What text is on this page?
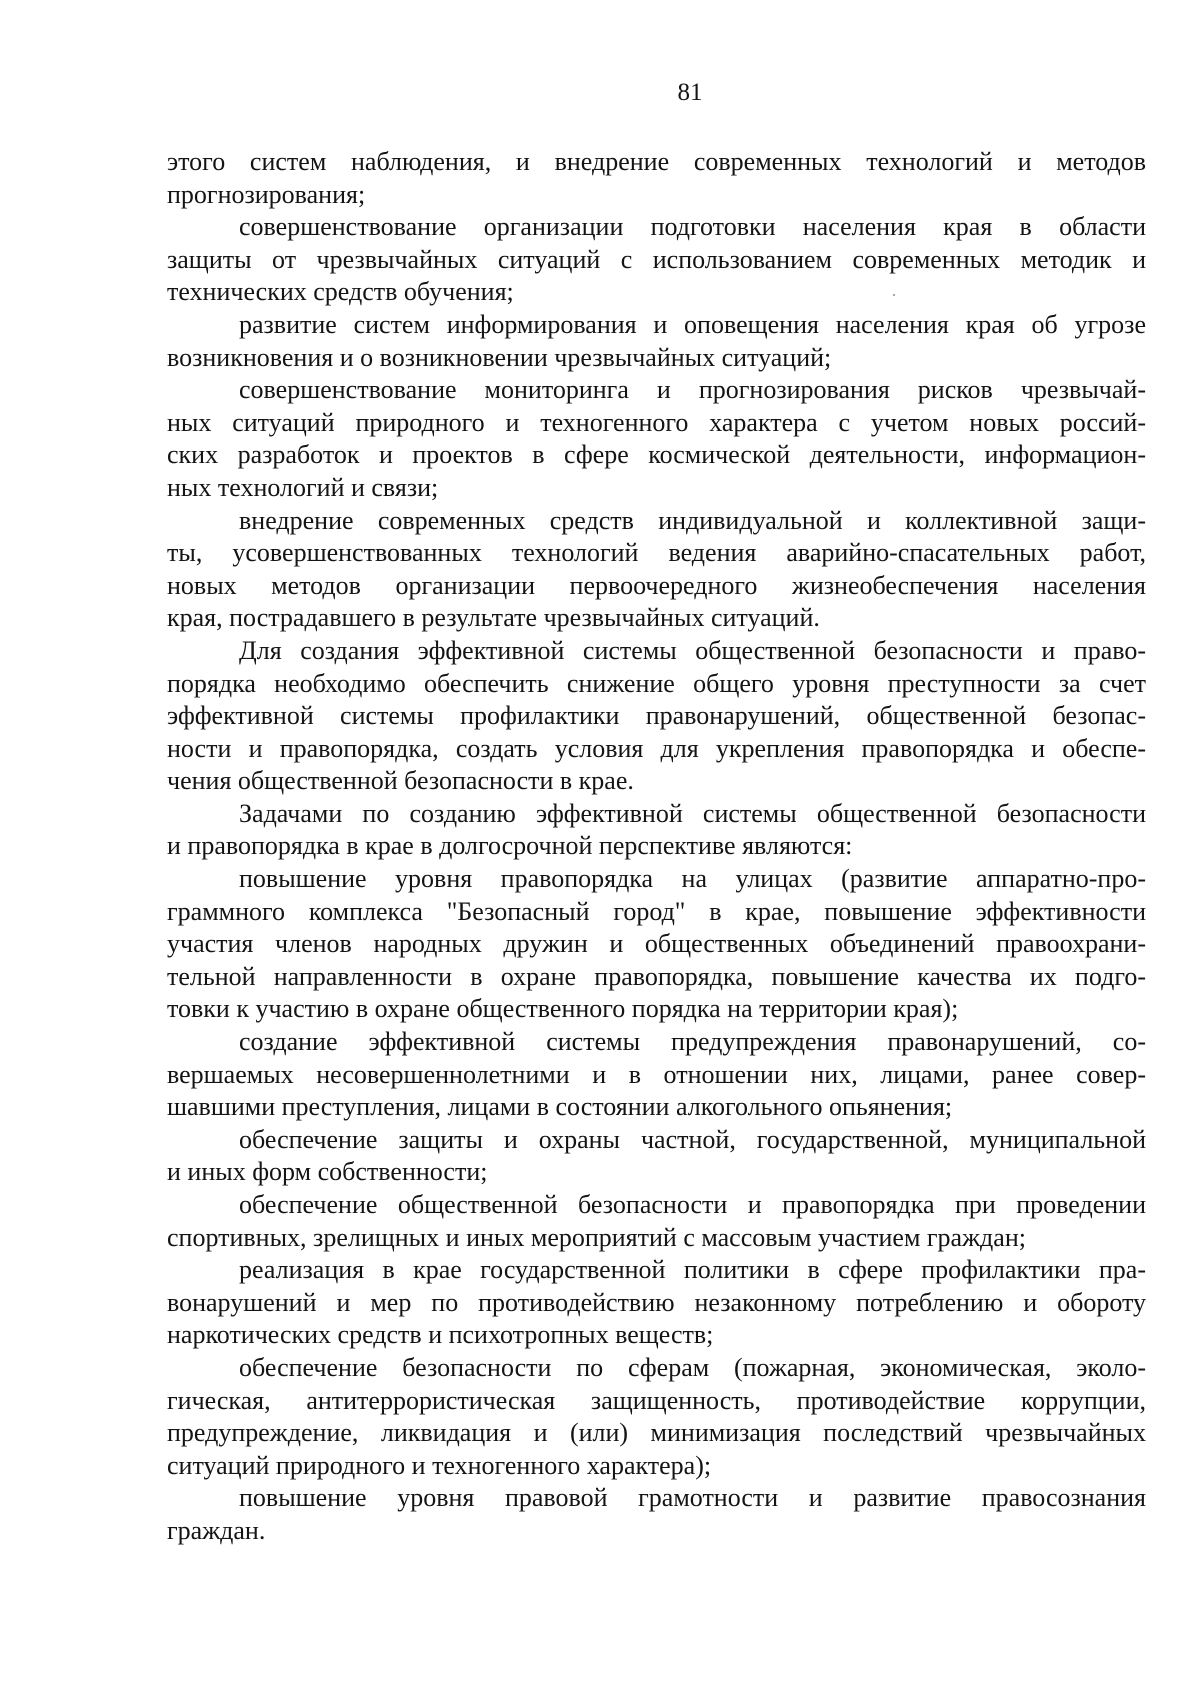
81
этого систем наблюдения, и внедрение современных технологий и методов
прогнозирования;
совершенствование организации подготовки населения края в области
защиты от чрезвычайных ситуаций с использованием современных методик и
технических средств обучения;
развитие систем информирования и оповещения населения края об угрозе
возникновения и о возникновении чрезвычайных ситуаций;
совершенствование мониторинга и прогнозирования рисков чрезвычай-
ных ситуаций природного и техногенного характера с учетом новых россий-
ских разработок и проектов в сфере космической деятельности, информацион-
ных технологий и связи;
внедрение современных средств индивидуальной и коллективной защи-
ты, усовершенствованных технологий ведения аварийно-спасательных работ,
новых методов организации первоочередного жизнеобеспечения населения
края, пострадавшего в результате чрезвычайных ситуаций.
Для создания эффективной системы общественной безопасности и право-
порядка необходимо обеспечить снижение общего уровня преступности за счет
эффективной системы профилактики правонарушений, общественной безопас-
ности и правопорядка, создать условия для укрепления правопорядка и обеспе-
чения общественной безопасности в крае.
Задачами по созданию эффективной системы общественной безопасности
и правопорядка в крае в долгосрочной перспективе являются:
повышение уровня правопорядка на улицах (развитие аппаратно-про-
граммного комплекса "Безопасный город" в крае, повышение эффективности
участия членов народных дружин и общественных объединений правоохрани-
тельной направленности в охране правопорядка, повышение качества их подго-
товки к участию в охране общественного порядка на территории края);
создание эффективной системы предупреждения правонарушений, со-
вершаемых несовершеннолетними и в отношении них, лицами, ранее совер-
шавшими преступления, лицами в состоянии алкогольного опьянения;
обеспечение защиты и охраны частной, государственной, муниципальной
и иных форм собственности;
обеспечение общественной безопасности и правопорядка при проведении
спортивных, зрелищных и иных мероприятий с массовым участием граждан;
реализация в крае государственной политики в сфере профилактики пра-
вонарушений и мер по противодействию незаконному потреблению и обороту
наркотических средств и психотропных веществ;
обеспечение безопасности по сферам (пожарная, экономическая, эколо-
гическая, антитеррористическая защищенность, противодействие коррупции,
предупреждение, ликвидация и (или) минимизация последствий чрезвычайных
ситуаций природного и техногенного характера);
повышение уровня правовой грамотности и развитие правосознания
граждан.
